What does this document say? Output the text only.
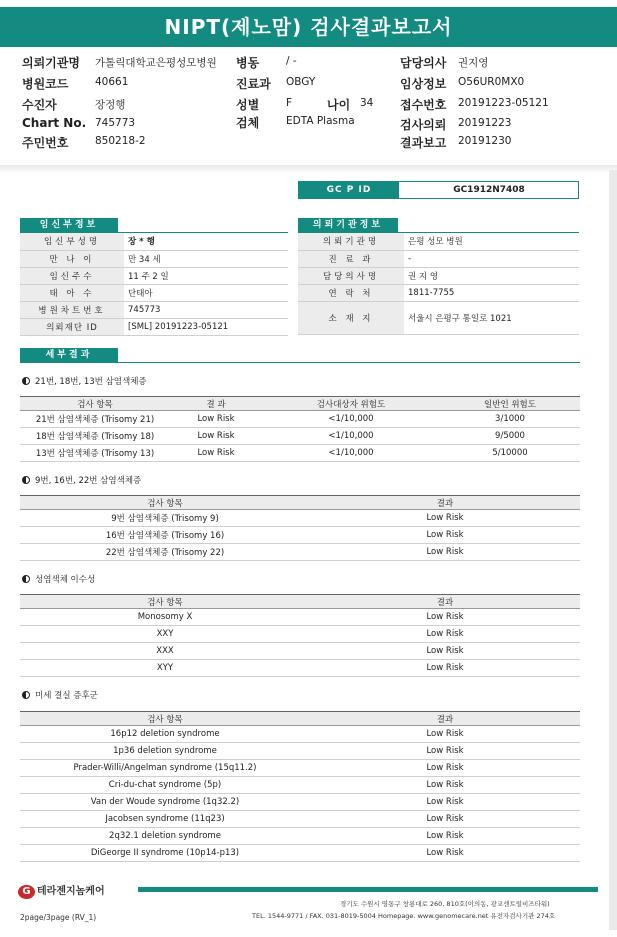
NIPT(제노맘) 검사결과보고서
의뢰기관명 가톨릭대학교은평성모병원 병동	/ -	담당의사 권지영
병원코드	40661	진료과 OBGY	임상정보 O56UR0MX0
수진자	장정행	성별	F	나이 34 접수번호 20191223-05121
Chart No. 745773	검체	EDTA Plasma	검사의뢰 20191223
주민번호	850218-2	결과보고 20191230
GC P ID	GC1912N7408
임신부정보
임신부성명	장 * 행
만 나 이	만 34 세
임신주수	11 주 2 일
태 아 수	단태아
병원차트번호	745773
의뢰재단 ID	[SML] 20191223-05121
의뢰기관정보
의뢰기관명	은평 성모 병원
진 료 과	-
담당의사명	권 지 영
연 락 처	1811-7755
소 재 지	서울시 은평구 통일로 1021
세부결과
21번, 18번, 13번 삼염색체증
검사 항목	결 과	검사대상자 위험도	일반인 위험도
21번 삼염색체증 (Trisomy 21)	Low Risk	<1/10,000	3/1000
18번 삼염색체증 (Trisomy 18)	Low Risk	<1/10,000	9/5000
13번 삼염색체증 (Trisomy 13)	Low Risk	<1/10,000	5/10000
9번, 16번, 22번 삼염색체증
검사 항목	결과
9번 삼염색체증 (Trisomy 9)	Low Risk
16번 삼염색체증 (Trisomy 16)	Low Risk
22번 삼염색체증 (Trisomy 22)	Low Risk
성염색체 이수성
검사 항목	결과
Monosomy X	Low Risk
XXY	Low Risk
XXX	Low Risk
XYY	Low Risk
미세 결실 증후군
검사 항목	결과
16p12 deletion syndrome	Low Risk
1p36 deletion syndrome	Low Risk
Prader-Willi/Angelman syndrome (15q11.2)	Low Risk
Cri-du-chat syndrome (5p)	Low Risk
Van der Woude syndrome (1q32.2)	Low Risk
Jacobsen syndrome (11q23)	Low Risk
2q32.1 deletion syndrome	Low Risk
DiGeorge II syndrome (10p14-p13)	Low Risk
G 테라젠지놈케어
경기도 수원시 영통구 창룡대로 260, 810호(이의동, 광교센트럴비즈타워)
TEL. 1544-9771 / FAX. 031-8019-5004 Homepage. www.genomecare.net 유전자검사기관 274호
2page/3page (RV_1)
